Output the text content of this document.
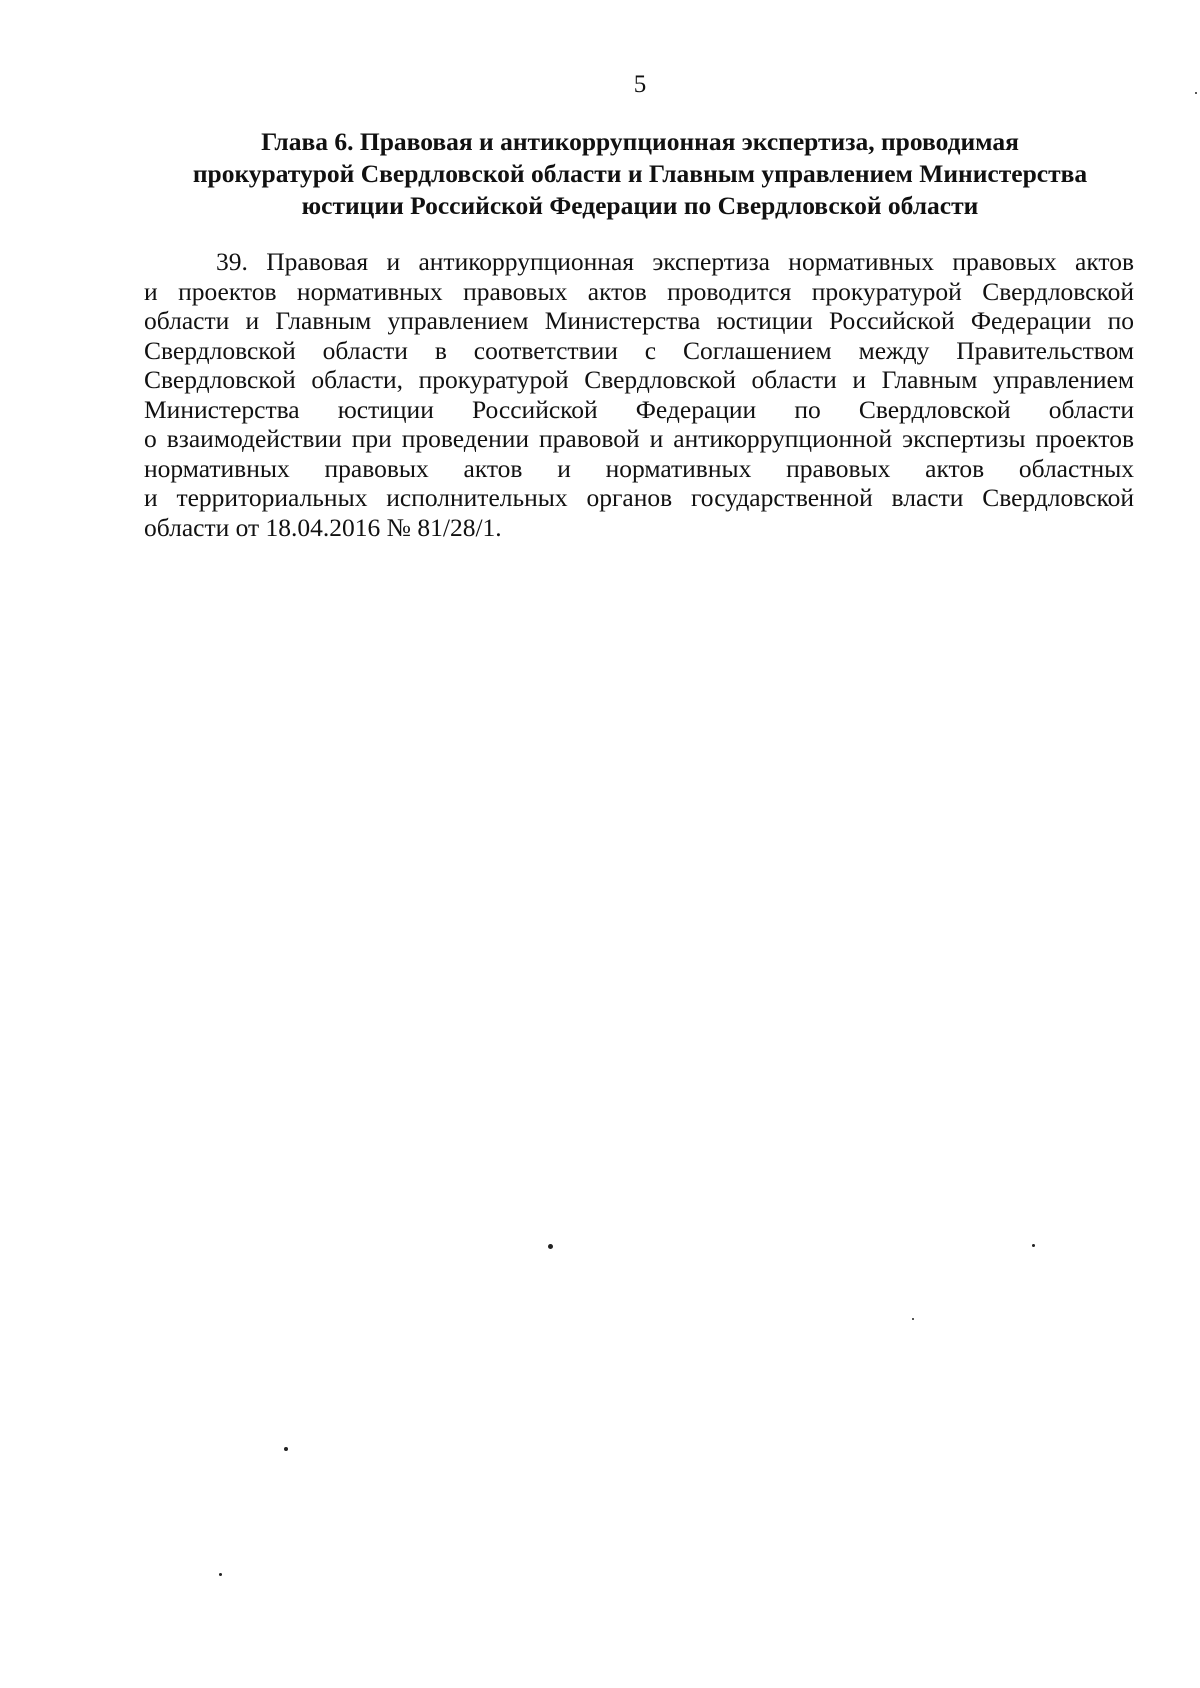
5
Глава 6. Правовая и антикоррупционная экспертиза, проводимая
прокуратурой Свердловской области и Главным управлением Министерства
юстиции Российской Федерации по Свердловской области
39. Правовая и антикоррупционная экспертиза нормативных правовых актов
и проектов нормативных правовых актов проводится прокуратурой Свердловской
области и Главным управлением Министерства юстиции Российской Федерации по
Свердловской области в соответствии с Соглашением между Правительством
Свердловской области, прокуратурой Свердловской области и Главным управлением
Министерства юстиции Российской Федерации по Свердловской области
о взаимодействии при проведении правовой и антикоррупционной экспертизы проектов
нормативных правовых актов и нормативных правовых актов областных
и территориальных исполнительных органов государственной власти Свердловской
области от 18.04.2016 № 81/28/1.
